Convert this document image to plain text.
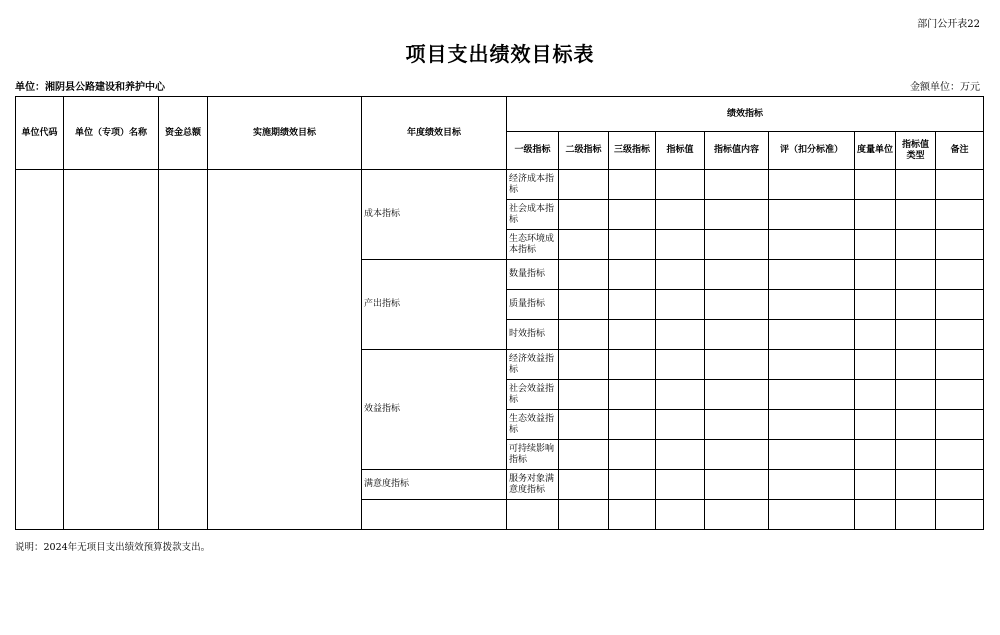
部门公开表22
项目支出绩效目标表
单位：湘阴县公路建设和养护中心	金额单位：万元
单位代码	单位（专项）名称	资金总额	实施期绩效目标	年度绩效目标	绩效指标								
					一级指标	二级指标	三级指标	指标值	指标值内容	评（扣分标准）	度量单位	指标值类型	备注
				成本指标	经济成本指标								
					社会成本指标								
					生态环境成本指标								
				产出指标	数量指标								
					质量指标								
					时效指标								
				效益指标	经济效益指标								
					社会效益指标								
					生态效益指标								
					可持续影响指标								
				满意度指标	服务对象满意度指标								

说明：2024年无项目支出绩效预算拨款支出。
